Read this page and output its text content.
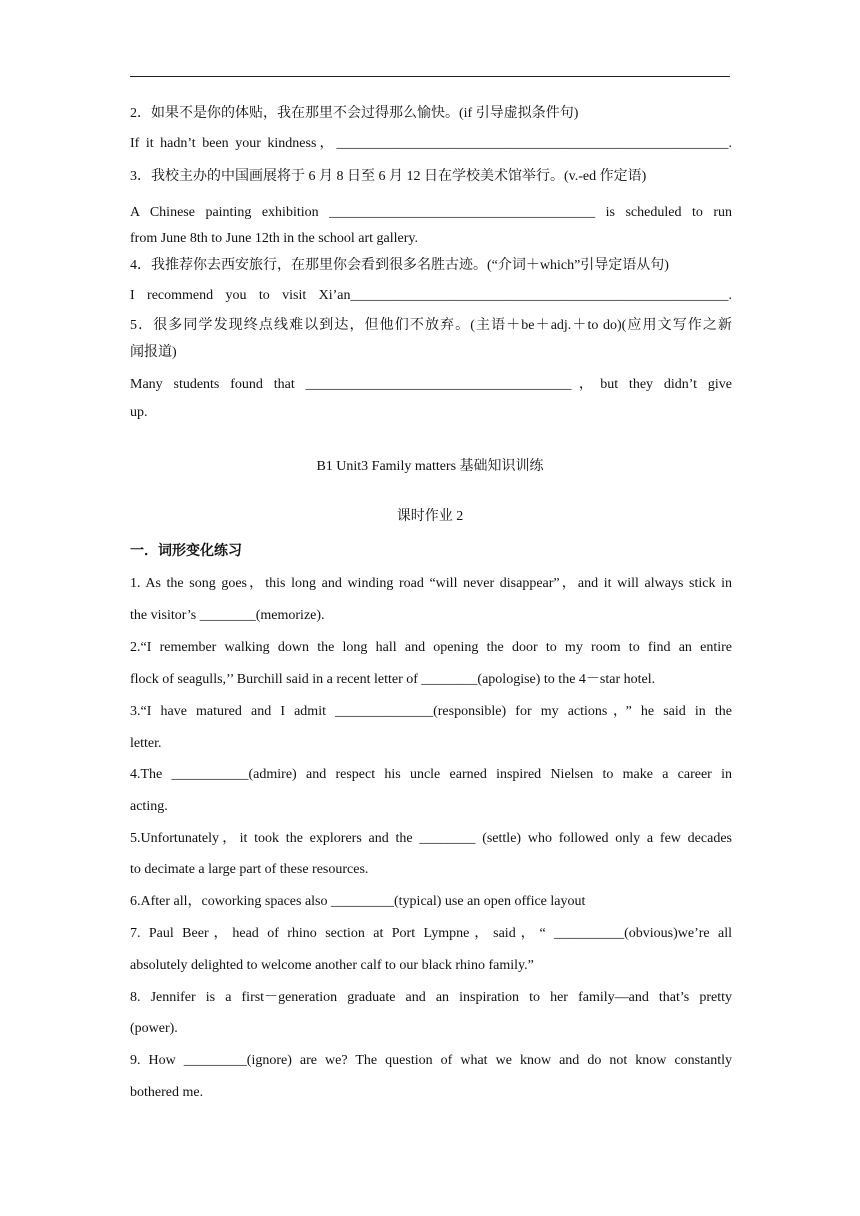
2．如果不是你的体贴，我在那里不会过得那么愉快。(if 引导虚拟条件句)
If it hadn’t been your kindness，________________________________________________________.
3．我校主办的中国画展将于 6 月 8 日至 6 月 12 日在学校美术馆举行。(v.-ed 作定语)
A Chinese painting exhibition ______________________________________ is scheduled to run
from June 8th to June 12th in the school art gallery.
4．我推荐你去西安旅行，在那里你会看到很多名胜古迹。(“介词＋which”引导定语从句)
I recommend you to visit Xi’an______________________________________________________.
5．很多同学发现终点线难以到达，但他们不放弃。(主语＋be＋adj.＋to do)(应用文写作之新
闻报道)
Many students found that ______________________________________，but they didn’t give
up.
B1 Unit3 Family matters 基础知识训练
课时作业 2
一．词形变化练习
1. As the song goes，this long and winding road “will never disappear”，and it will always stick in
the visitor’s ________(memorize).
2.“I remember walking down the long hall and opening the door to my room to find an entire
flock of seagulls,’’ Burchill said in a recent letter of ________(apologise) to the 4－star hotel.
3.“I have matured and I admit ______________(responsible) for my actions，” he said in the
letter.
4.The ___________(admire) and respect his uncle earned inspired Nielsen to make a career in
acting.
5.Unfortunately，it took the explorers and the ________ (settle) who followed only a few decades
to decimate a large part of these resources.
6.After all，coworking spaces also _________(typical) use an open office layout
7. Paul Beer，head of rhino section at Port Lympne，said，“ __________(obvious)we’re all
absolutely delighted to welcome another calf to our black rhino family.”
8. Jennifer is a first－generation graduate and an inspiration to her family—and that’s pretty
(power).
9. How _________(ignore) are we? The question of what we know and do not know constantly
bothered me.
